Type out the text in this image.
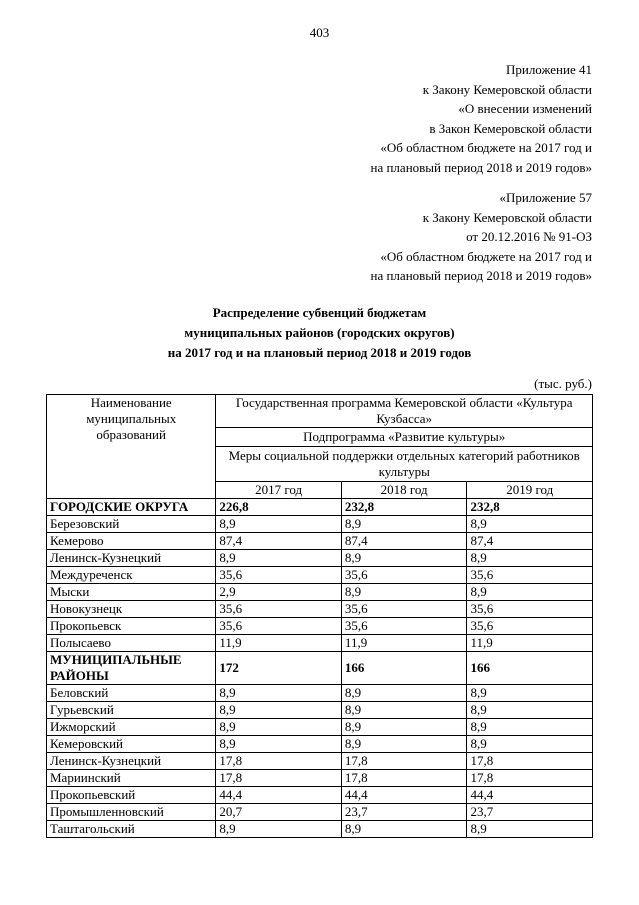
403
Приложение 41
к Закону Кемеровской области
«О внесении изменений
в Закон Кемеровской области
«Об областном бюджете на 2017 год и
на плановый период 2018 и 2019 годов»
«Приложение 57
к Закону Кемеровской области
от 20.12.2016 № 91-ОЗ
«Об областном бюджете на 2017 год и
на плановый период 2018 и 2019 годов»
Распределение субвенций бюджетам
муниципальных районов (городских округов)
на 2017 год и на плановый период 2018 и 2019 годов
(тыс. руб.)
Наименование муниципальных образований	Государственная программа Кемеровской области «Культура Кузбасса»		
	Подпрограмма «Развитие культуры»		
	Меры социальной поддержки отдельных категорий работников культуры		
	2017 год	2018 год	2019 год
ГОРОДСКИЕ ОКРУГА	226,8	232,8	232,8
Березовский	8,9	8,9	8,9
Кемерово	87,4	87,4	87,4
Ленинск-Кузнецкий	8,9	8,9	8,9
Междуреченск	35,6	35,6	35,6
Мыски	2,9	8,9	8,9
Новокузнецк	35,6	35,6	35,6
Прокопьевск	35,6	35,6	35,6
Полысаево	11,9	11,9	11,9
МУНИЦИПАЛЬНЫЕ РАЙОНЫ	172	166	166
Беловский	8,9	8,9	8,9
Гурьевский	8,9	8,9	8,9
Ижморский	8,9	8,9	8,9
Кемеровский	8,9	8,9	8,9
Ленинск-Кузнецкий	17,8	17,8	17,8
Мариинский	17,8	17,8	17,8
Прокопьевский	44,4	44,4	44,4
Промышленновский	20,7	23,7	23,7
Таштагольский	8,9	8,9	8,9
